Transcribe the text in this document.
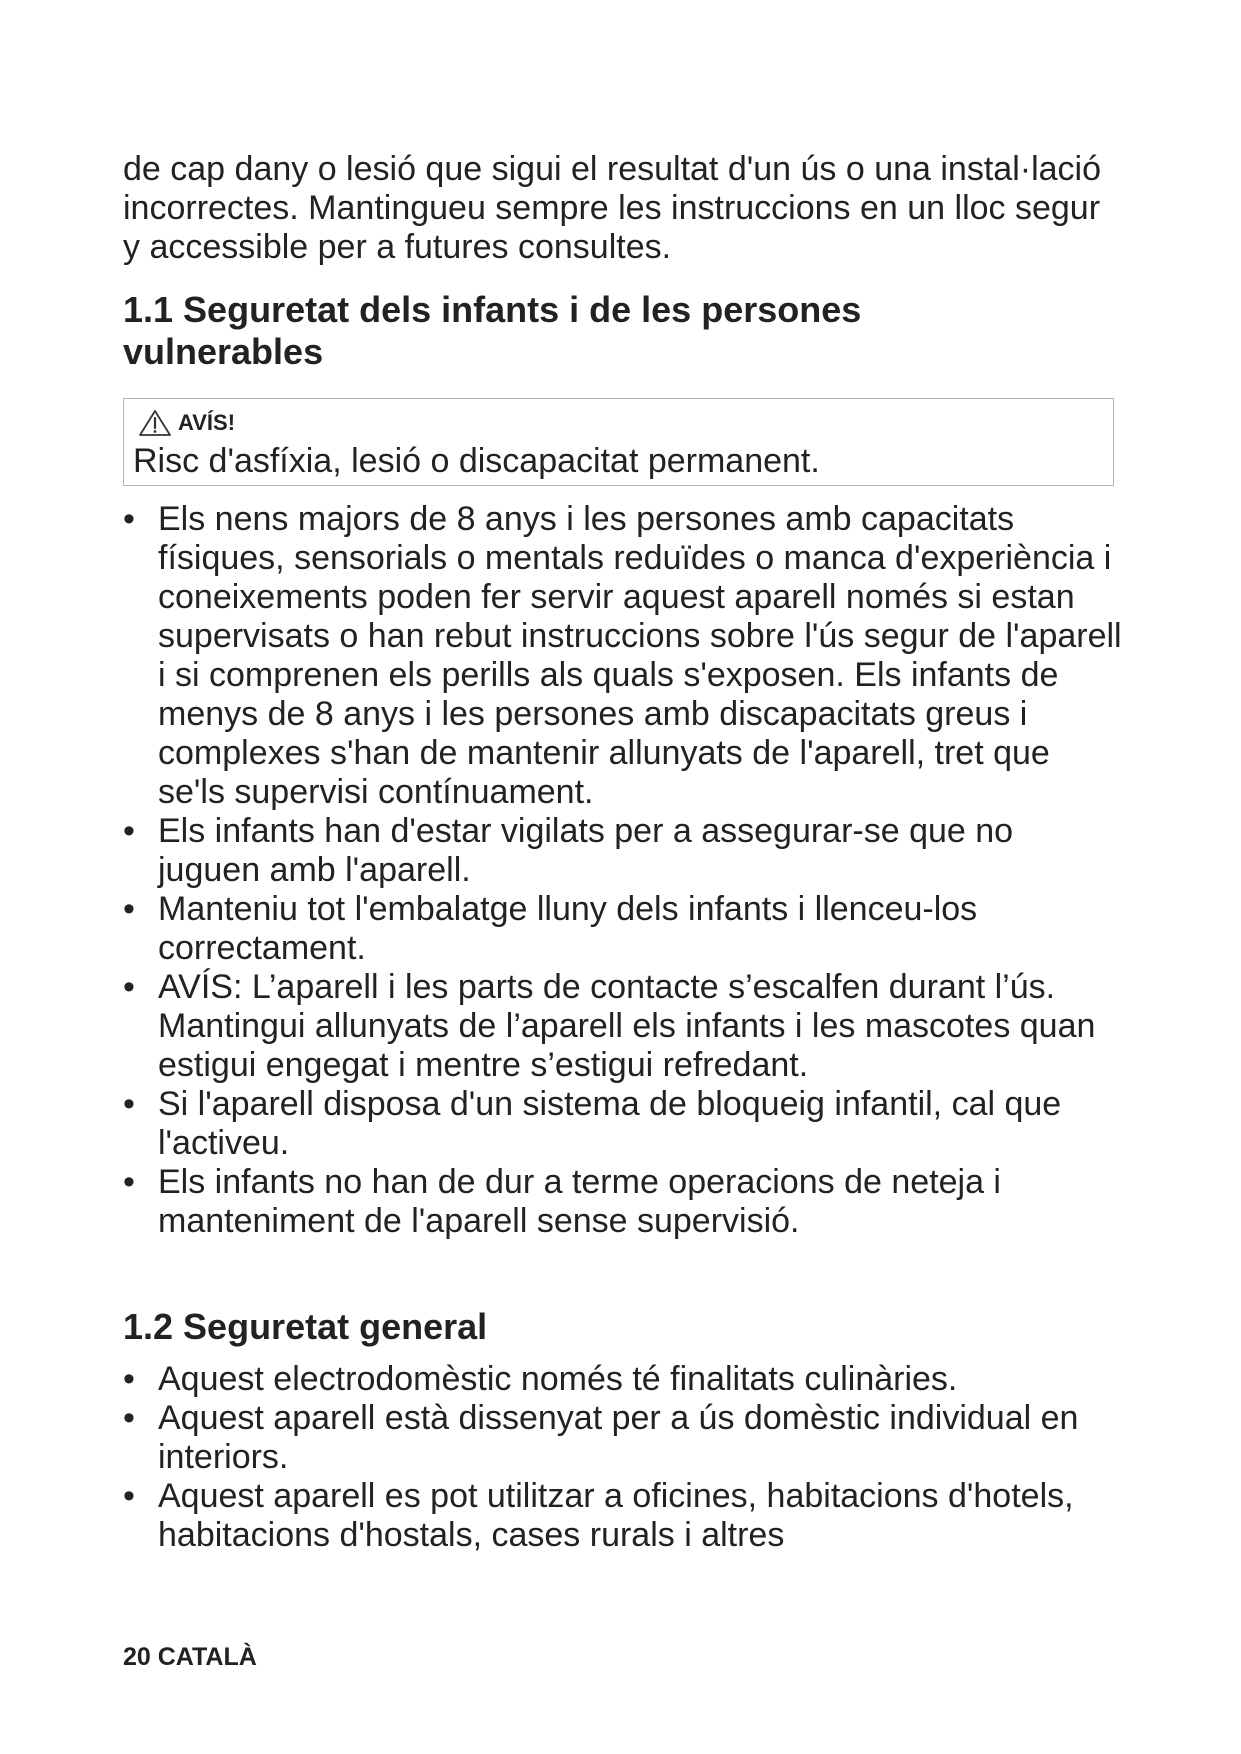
de cap dany o lesió que sigui el resultat d'un ús o una instal·lació incorrectes. Mantingueu sempre les instruccions en un lloc segur y accessible per a futures consultes.

1.1 Seguretat dels infants i de les persones vulnerables
AVÍS!
Risc d'asfíxia, lesió o discapacitat permanent.
• Els nens majors de 8 anys i les persones amb capacitats físiques, sensorials o mentals reduïdes o manca d'experiència i coneixements poden fer servir aquest aparell només si estan supervisats o han rebut instruccions sobre l'ús segur de l'aparell i si comprenen els perills als quals s'exposen. Els infants de menys de 8 anys i les persones amb discapacitats greus i complexes s'han de mantenir allunyats de l'aparell, tret que se'ls supervisi contínuament.
• Els infants han d'estar vigilats per a assegurar-se que no juguen amb l'aparell.
• Manteniu tot l'embalatge lluny dels infants i llenceu-los correctament.
• AVÍS: L’aparell i les parts de contacte s’escalfen durant l’ús. Mantingui allunyats de l’aparell els infants i les mascotes quan estigui engegat i mentre s’estigui refredant.
• Si l'aparell disposa d'un sistema de bloqueig infantil, cal que l'activeu.
• Els infants no han de dur a terme operacions de neteja i manteniment de l'aparell sense supervisió.
1.2 Seguretat general
• Aquest electrodomèstic només té finalitats culinàries.
• Aquest aparell està dissenyat per a ús domèstic individual en interiors.
• Aquest aparell es pot utilitzar a oficines, habitacions d'hotels, habitacions d'hostals, cases rurals i altres
20 CATALÀ
